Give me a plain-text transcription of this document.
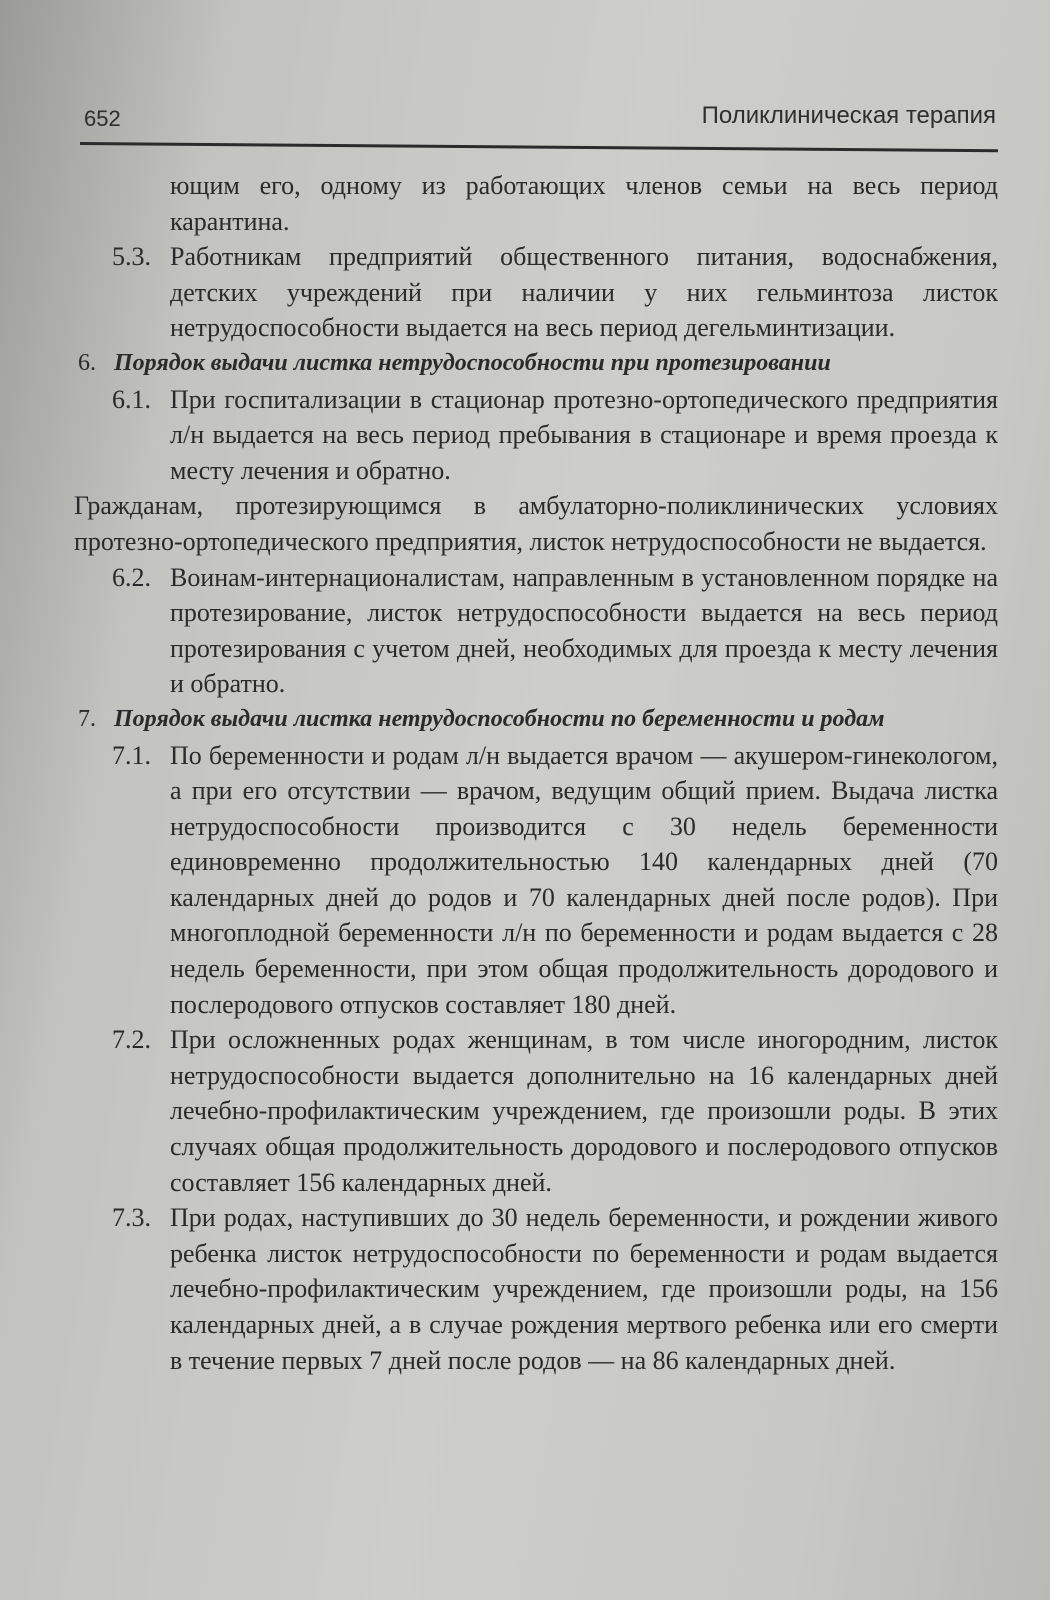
652	Поликлиническая терапия

ющим его, одному из работающих членов семьи на весь период карантина.

5.3. Работникам предприятий общественного питания, водоснабжения, детских учреждений при наличии у них гельминтоза листок нетрудоспособности выдается на весь период дегельминтизации.
6. Порядок выдачи листка нетрудоспособности при протезировании
6.1. При госпитализации в стационар протезно-ортопедического предприятия л/н выдается на весь период пребывания в стационаре и время проезда к месту лечения и обратно.

Гражданам, протезирующимся в амбулаторно-поликлинических условиях протезно-ортопедического предприятия, листок нетрудоспособности не выдается.

6.2. Воинам-интернационалистам, направленным в установленном порядке на протезирование, листок нетрудоспособности выдается на весь период протезирования с учетом дней, необходимых для проезда к месту лечения и обратно.
7. Порядок выдачи листка нетрудоспособности по беременности и родам
7.1. По беременности и родам л/н выдается врачом — акушером-гинекологом, а при его отсутствии — врачом, ведущим общий прием. Выдача листка нетрудоспособности производится с 30 недель беременности единовременно продолжительностью 140 календарных дней (70 календарных дней до родов и 70 календарных дней после родов). При многоплодной беременности л/н по беременности и родам выдается с 28 недель беременности, при этом общая продолжительность дородового и послеродового отпусков составляет 180 дней.
7.2. При осложненных родах женщинам, в том числе иногородним, листок нетрудоспособности выдается дополнительно на 16 календарных дней лечебно-профилактическим учреждением, где произошли роды. В этих случаях общая продолжительность дородового и послеродового отпусков составляет 156 календарных дней.
7.3. При родах, наступивших до 30 недель беременности, и рождении живого ребенка листок нетрудоспособности по беременности и родам выдается лечебно-профилактическим учреждением, где произошли роды, на 156 календарных дней, а в случае рождения мертвого ребенка или его смерти в течение первых 7 дней после родов — на 86 календарных дней.
